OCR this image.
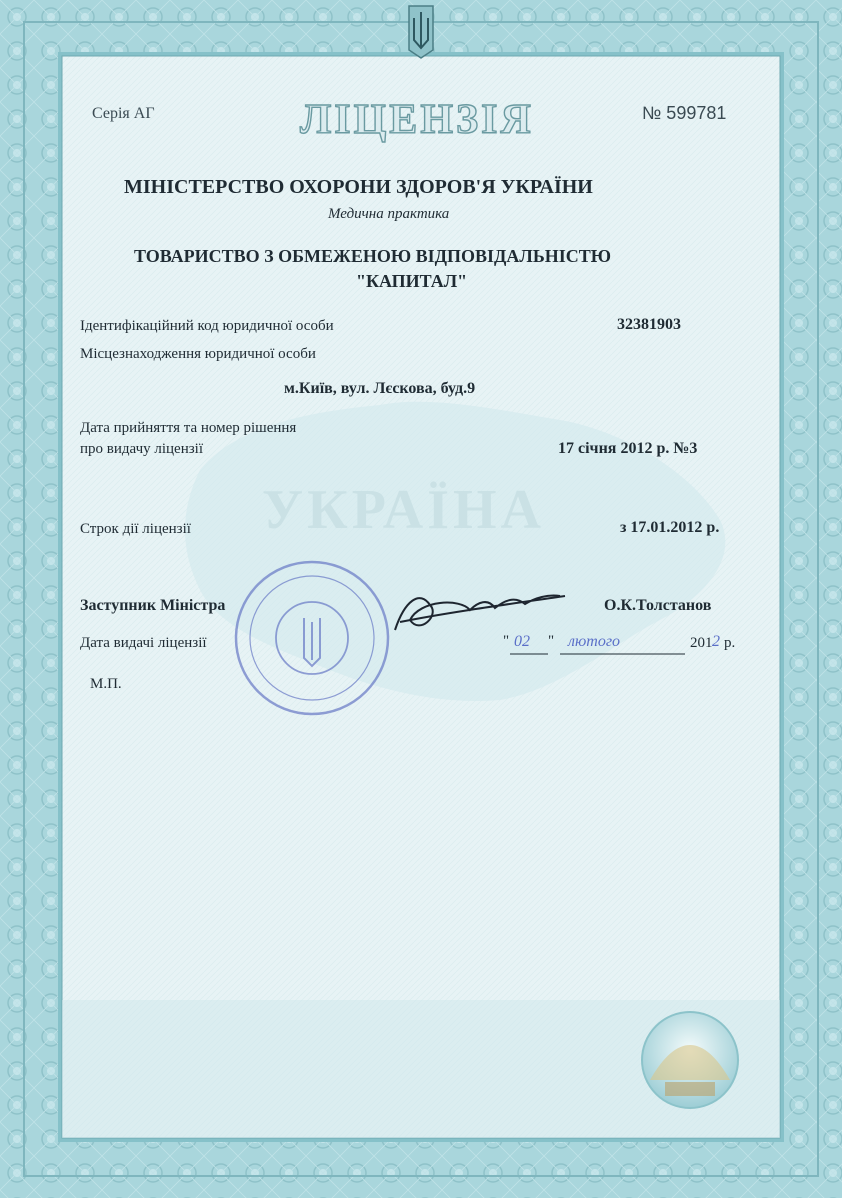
УКРАЇНА
Серія АГ	ЛІЦЕНЗІЯ	№ 599781
МІНІСТЕРСТВО ОХОРОНИ ЗДОРОВ'Я УКРАЇНИ
Медична практика
ТОВАРИСТВО З ОБМЕЖЕНОЮ ВІДПОВІДАЛЬНІСТЮ
"КАПИТАЛ"
Ідентифікаційний код юридичної особи	32381903
Місцезнаходження юридичної особи
м.Київ, вул. Лєскова, буд.9
Дата прийняття та номер рішення
про видачу ліцензії	17 січня 2012 р. №3
Строк дії ліцензії	з 17.01.2012 р.
Заступник Міністра	О.К.Толстанов
Дата видачі ліцензії	" 02 " лютого	201 2 р.
М.П.
